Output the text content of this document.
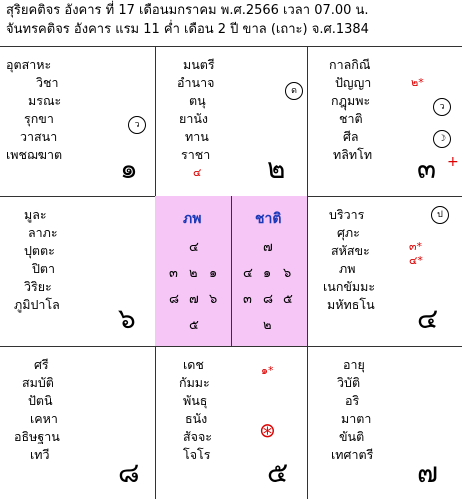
สุริยคติจร อังคาร ที่ 17 เดือนมกราคม พ.ศ.2566 เวลา 07.00 น.
จันทรคติจร อังคาร แรม 11 ค่ำ เดือน 2 ปี ขาล (เถาะ) จ.ศ.1384
อุตสาหะ
วิชา
มรณะ
รุกขา
วาสนา
เพชฌฆาต
ว
๑
มนตรี
อำนาจ
ตนุ
ยานัง
ทาน
ราชา
๔
ด
๒
กาลกิณี
ปัญญา
กฎุมพะ
ชาติ
ศีล
ทลิทโท
๒*
ว
☽
๓ +
มูละ
ลาภะ
ปุตตะ
ปิตา
วิริยะ
ภูมิปาโล ๖
ภพ	ชาติ
๔
๓ ๒ ๑
๘ ๗ ๖
๕
๗
๔ ๑ ๖
๓ ๘ ๕
๒
บริวาร
ศุภะ
สหัสขะ
ภพ
เนกขัมมะ
มหัทธโน
ป
๓*
๔*
๔
ศรี
สมบัติ
ปัตนิ
เคหา
อธิษฐาน
เทวี
๘
เดช
กัมมะ
พันธุ
ธนัง
สัจจะ
โจโร
๑*
⊛
๕
อายุ
วิบัติ
อริ
มาตา
ขันติ
เทศาตรี
๗
